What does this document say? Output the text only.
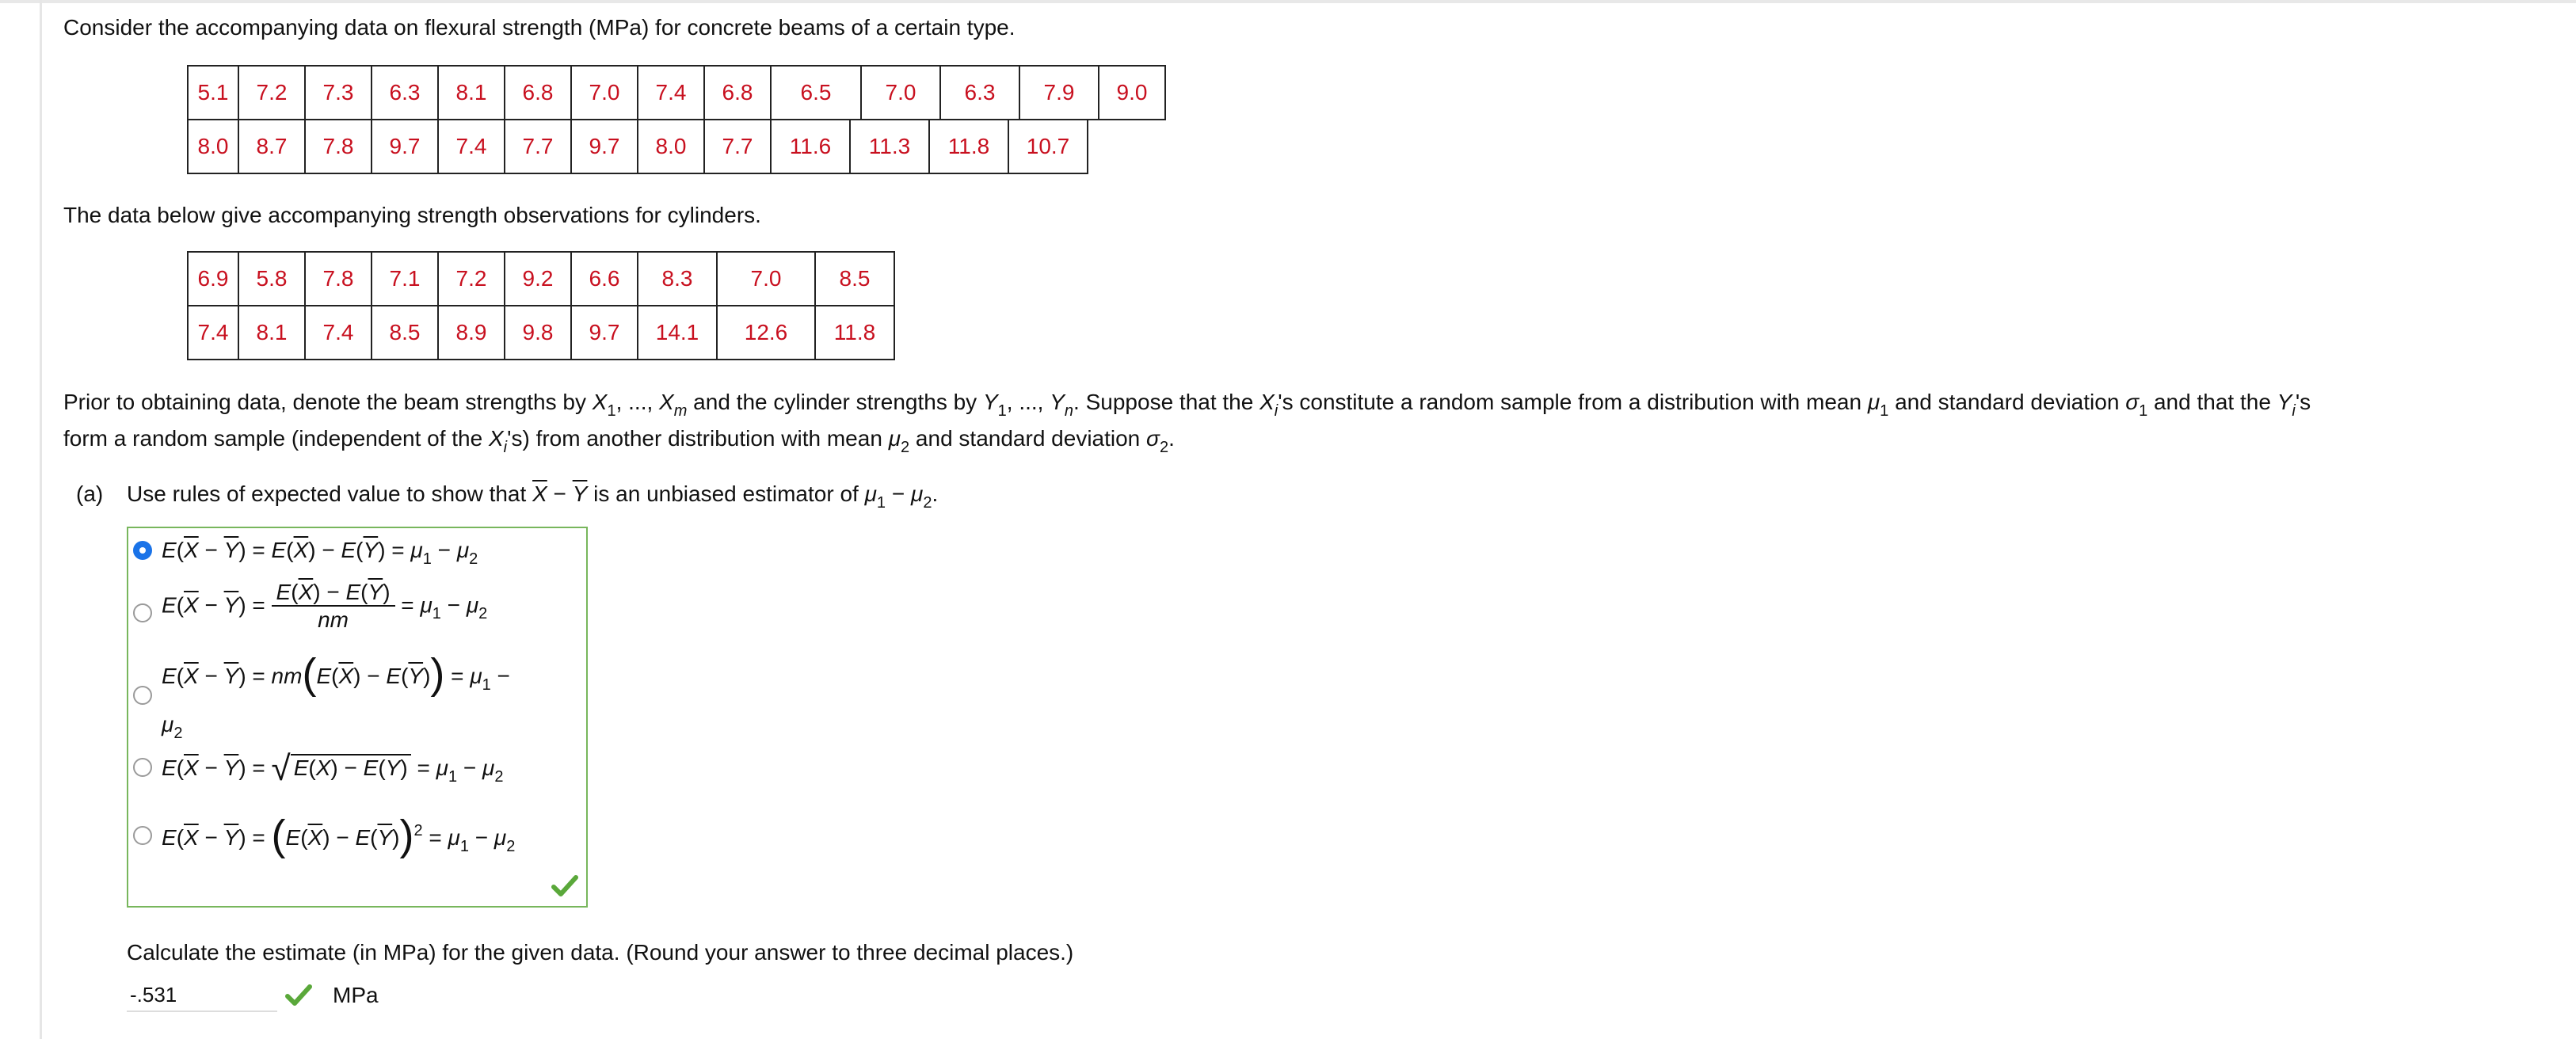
Consider the accompanying data on flexural strength (MPa) for concrete beams of a certain type.
5.1	7.2	7.3	6.3	8.1	6.8	7.0	7.4	6.8	6.5	7.0	6.3	7.9	9.0
8.0	8.7	7.8	9.7	7.4	7.7	9.7	8.0	7.7	11.6	11.3	11.8	10.7
The data below give accompanying strength observations for cylinders.
6.9	5.8	7.8	7.1	7.2	9.2	6.6	8.3	7.0	8.5
7.4	8.1	7.4	8.5	8.9	9.8	9.7	14.1	12.6	11.8
Prior to obtaining data, denote the beam strengths by $X_1$, ..., $X_m$ and the cylinder strengths by $Y_1$, ..., $Y_n$. Suppose that the $X_i's$ constitute a random sample from a distribution with mean $\mu_1$ and standard deviation $\sigma_1$ and that the $Y_i's$
form a random sample (independent of the $X_i's$) from another distribution with mean $\mu_2$ and standard deviation $\sigma_2$.
(a) Use rules of expected value to show that $\overline{X} - \overline{Y}$ is an unbiased estimator of $\mu_1 - \mu_2$.
$E(\overline{X} - \overline{Y}) = E(\overline{X}) - E(\overline{Y}) = \mu_1 - \mu_2$
$E(\overline{X} - \overline{Y}) = \frac{E(\overline{X}) - E(\overline{Y})}{nm} = \mu_1 - \mu_2$
$E(\overline{X} - \overline{Y}) = nm(E(\overline{X}) - E(\overline{Y})) = \mu_1$ −
$\mu_2$
$E(\overline{X} - \overline{Y})$ = √ $E(\overline{X}) - E(\overline{Y}) = \mu_1 - \mu_2$
$E(\overline{X} - \overline{Y}) = (E(\overline{X}) - E(\overline{Y}))^2 = \mu_1 - \mu_2$
Calculate the estimate (in MPa) for the given data. (Round your answer to three decimal places.)
-.531
MPa
